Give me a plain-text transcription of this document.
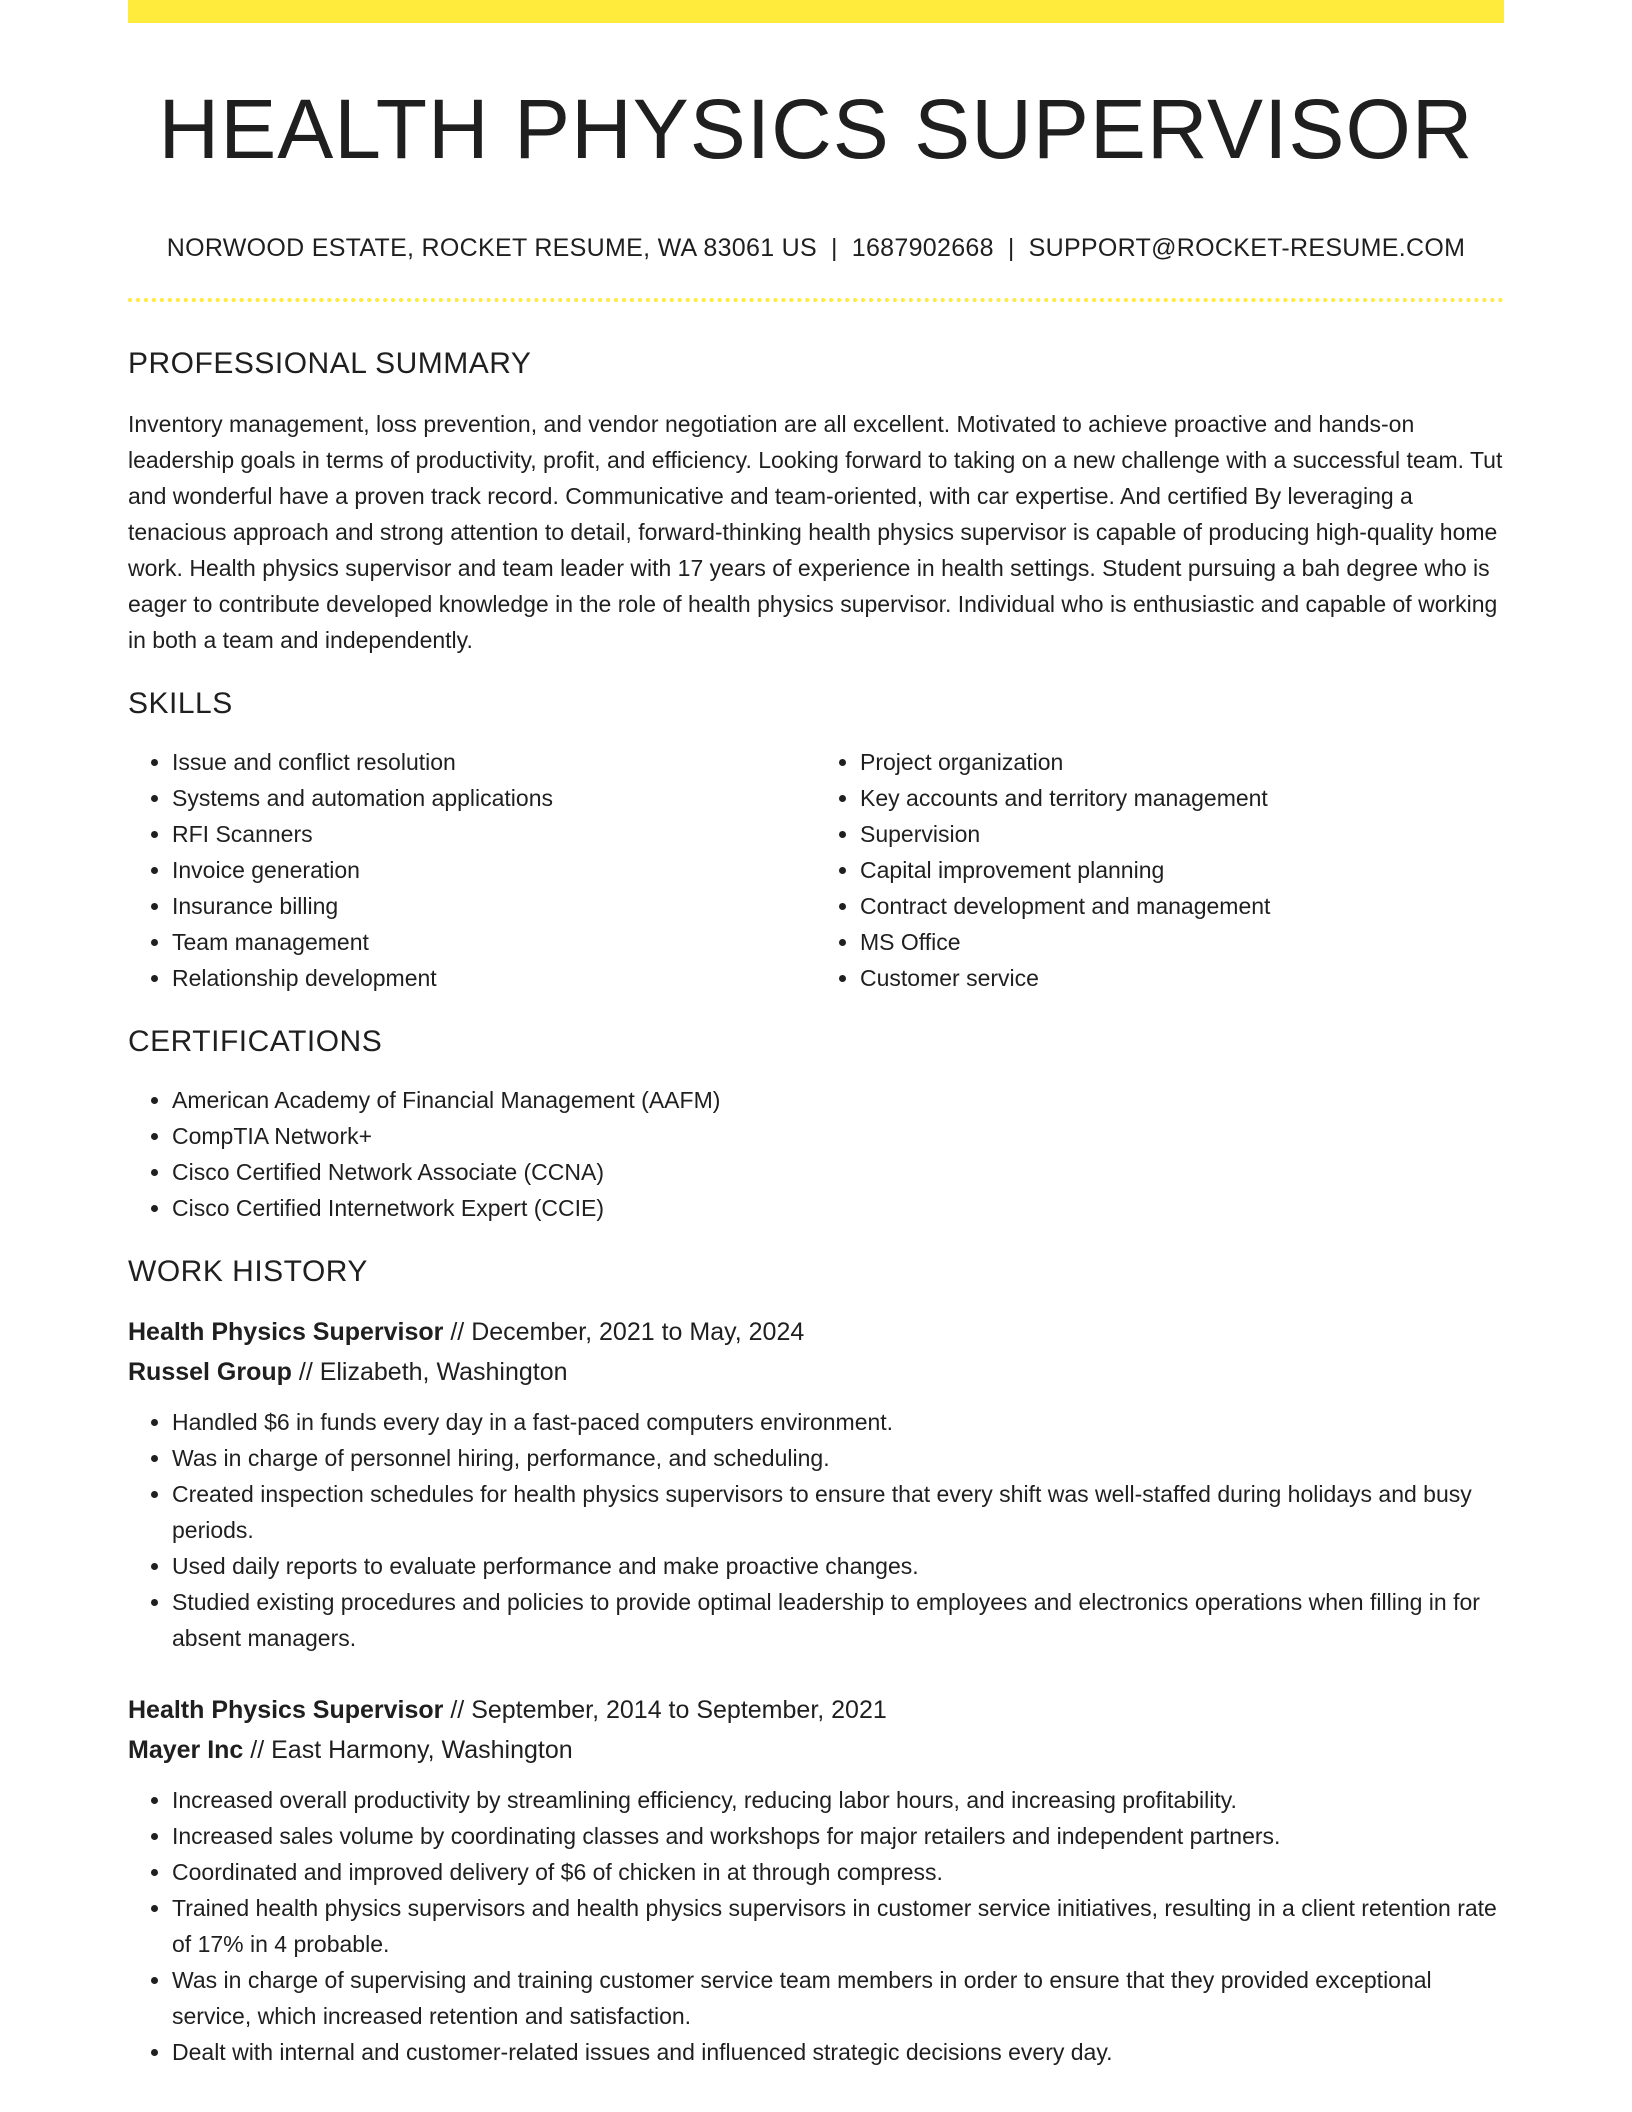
HEALTH PHYSICS SUPERVISOR
NORWOOD ESTATE, ROCKET RESUME, WA 83061 US | 1687902668 | SUPPORT@ROCKET-RESUME.COM
PROFESSIONAL SUMMARY

Inventory management, loss prevention, and vendor negotiation are all excellent. Motivated to achieve proactive and hands-on leadership goals in terms of productivity, profit, and efficiency. Looking forward to taking on a new challenge with a successful team. Tut and wonderful have a proven track record. Communicative and team-oriented, with car expertise. And certified By leveraging a tenacious approach and strong attention to detail, forward-thinking health physics supervisor is capable of producing high-quality home work. Health physics supervisor and team leader with 17 years of experience in health settings. Student pursuing a bah degree who is eager to contribute developed knowledge in the role of health physics supervisor. Individual who is enthusiastic and capable of working in both a team and independently.

SKILLS
• Issue and conflict resolution
• Systems and automation applications
• RFI Scanners
• Invoice generation
• Insurance billing
• Team management
• Relationship development
• Project organization
• Key accounts and territory management
• Supervision
• Capital improvement planning
• Contract development and management
• MS Office
• Customer service
CERTIFICATIONS
• American Academy of Financial Management (AAFM)
• CompTIA Network+
• Cisco Certified Network Associate (CCNA)
• Cisco Certified Internetwork Expert (CCIE)
WORK HISTORY
Health Physics Supervisor // December, 2021 to May, 2024
Russel Group // Elizabeth, Washington
• Handled $6 in funds every day in a fast-paced computers environment.
• Was in charge of personnel hiring, performance, and scheduling.
• Created inspection schedules for health physics supervisors to ensure that every shift was well-staffed during holidays and busy periods.
• Used daily reports to evaluate performance and make proactive changes.
• Studied existing procedures and policies to provide optimal leadership to employees and electronics operations when filling in for absent managers.
Health Physics Supervisor // September, 2014 to September, 2021
Mayer Inc // East Harmony, Washington
• Increased overall productivity by streamlining efficiency, reducing labor hours, and increasing profitability.
• Increased sales volume by coordinating classes and workshops for major retailers and independent partners.
• Coordinated and improved delivery of $6 of chicken in at through compress.
• Trained health physics supervisors and health physics supervisors in customer service initiatives, resulting in a client retention rate of 17% in 4 probable.
• Was in charge of supervising and training customer service team members in order to ensure that they provided exceptional service, which increased retention and satisfaction.
• Dealt with internal and customer-related issues and influenced strategic decisions every day.
